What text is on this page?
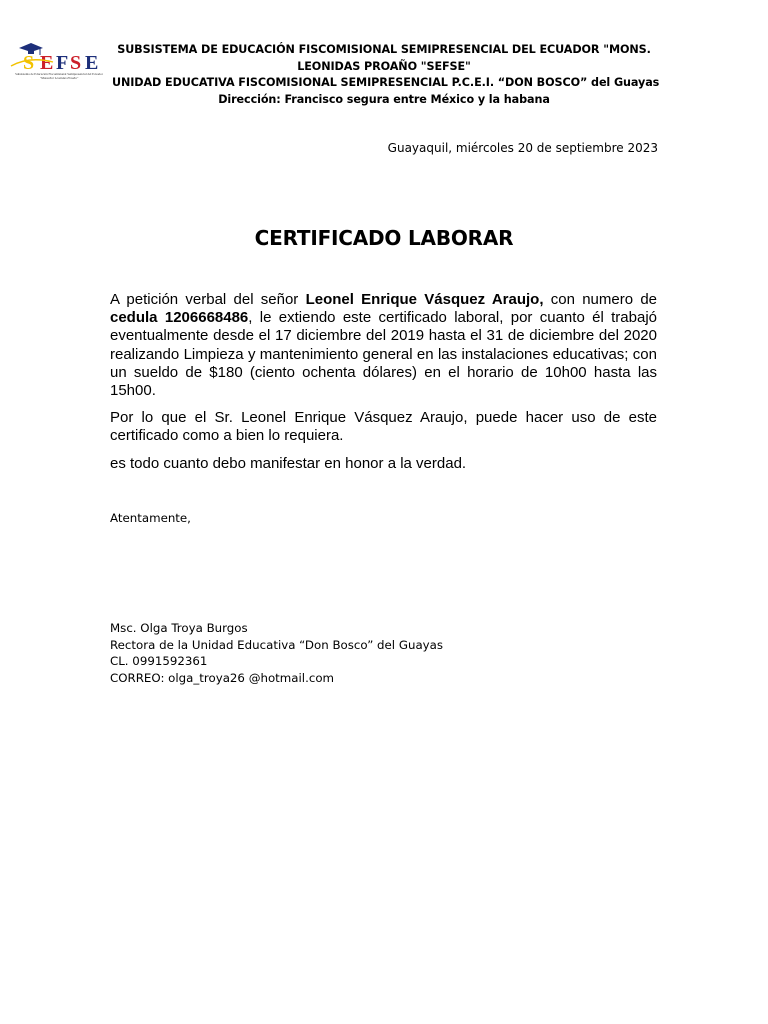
S E F S E
Subsistema de Educación Fiscomisional Semipresencial del Ecuador
"Monseñor Leonidas Proaño"
SUBSISTEMA DE EDUCACIÓN FISCOMISIONAL SEMIPRESENCIAL DEL ECUADOR "MONS.
LEONIDAS PROAÑO "SEFSE"
UNIDAD EDUCATIVA FISCOMISIONAL SEMIPRESENCIAL P.C.E.I. “DON BOSCO” del Guayas
Dirección: Francisco segura entre México y la habana
Guayaquil, miércoles 20 de septiembre 2023
CERTIFICADO LABORAR

A petición verbal del señor Leonel Enrique Vásquez Araujo, con numero de cedula 1206668486, le extiendo este certificado laboral, por cuanto él trabajó eventualmente desde el 17 diciembre del 2019 hasta el 31 de diciembre del 2020 realizando Limpieza y mantenimiento general en las instalaciones educativas; con un sueldo de $180 (ciento ochenta dólares) en el horario de 10h00 hasta las 15h00.

Por lo que el Sr. Leonel Enrique Vásquez Araujo, puede hacer uso de este certificado como a bien lo requiera.

es todo cuanto debo manifestar en honor a la verdad.

Atentamente,
Msc. Olga Troya Burgos
Rectora de la Unidad Educativa “Don Bosco” del Guayas
CL. 0991592361
CORREO: olga_troya26 @hotmail.com
